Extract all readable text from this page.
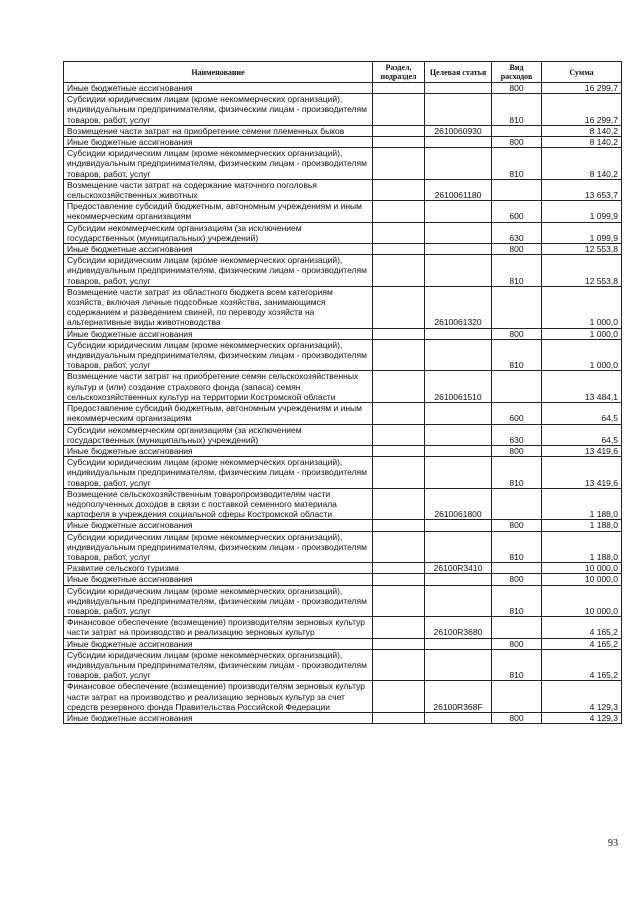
Наименование	Раздел, подраздел	Целевая статья	Вид расходов	Сумма
Иные бюджетные ассигнования			800	16 299,7
Субсидии юридическим лицам (кроме некоммерческих организаций), индивидуальным предпринимателям, физическим лицам - производителям товаров, работ, услуг			810	16 299,7
Возмещение части затрат на приобретение семени племенных быков		2610060930		8 140,2
Иные бюджетные ассигнования			800	8 140,2
Субсидии юридическим лицам (кроме некоммерческих организаций), индивидуальным предпринимателям, физическим лицам - производителям товаров, работ, услуг			810	8 140,2
Возмещение части затрат на содержание маточного поголовья сельскохозяйственных животных		2610061180		13 653,7
Предоставление субсидий бюджетным, автономным учреждениям и иным некоммерческим организациям			600	1 099,9
Субсидии некоммерческим организациям (за исключением государственных (муниципальных) учреждений)			630	1 099,9
Иные бюджетные ассигнования			800	12 553,8
Субсидии юридическим лицам (кроме некоммерческих организаций), индивидуальным предпринимателям, физическим лицам - производителям товаров, работ, услуг			810	12 553,8
Возмещение части затрат из областного бюджета всем категориям хозяйств, включая личные подсобные хозяйства, занимающимся содержанием и разведением свиней, по переводу хозяйств на альтернативные виды животноводства		2610061320		1 000,0
Иные бюджетные ассигнования			800	1 000,0
Субсидии юридическим лицам (кроме некоммерческих организаций), индивидуальным предпринимателям, физическим лицам - производителям товаров, работ, услуг			810	1 000,0
Возмещение части затрат на приобретение семян сельскохозяйственных культур и (или) создание страхового фонда (запаса) семян сельскохозяйственных культур на территории Костромской области		2610061510		13 484,1
Предоставление субсидий бюджетным, автономным учреждениям и иным некоммерческим организациям			600	64,5
Субсидии некоммерческим организациям (за исключением государственных (муниципальных) учреждений)			630	64,5
Иные бюджетные ассигнования			800	13 419,6
Субсидии юридическим лицам (кроме некоммерческих организаций), индивидуальным предпринимателям, физическим лицам - производителям товаров, работ, услуг			810	13 419,6
Возмещение сельскохозяйственным товаропроизводителям части недополученных доходов в связи с поставкой семенного материала картофеля в учреждения социальной сферы Костромской области		2610061800		1 188,0
Иные бюджетные ассигнования			800	1 188,0
Субсидии юридическим лицам (кроме некоммерческих организаций), индивидуальным предпринимателям, физическим лицам - производителям товаров, работ, услуг			810	1 188,0
Развитие сельского туризма		26100R3410		10 000,0
Иные бюджетные ассигнования			800	10 000,0
Субсидии юридическим лицам (кроме некоммерческих организаций), индивидуальным предпринимателям, физическим лицам - производителям товаров, работ, услуг			810	10 000,0
Финансовое обеспечение (возмещение) производителям зерновых культур части затрат на производство и реализацию зерновых культур		26100R3680		4 165,2
Иные бюджетные ассигнования			800	4 165,2
Субсидии юридическим лицам (кроме некоммерческих организаций), индивидуальным предпринимателям, физическим лицам - производителям товаров, работ, услуг			810	4 165,2
Финансовое обеспечение (возмещение) производителям зерновых культур части затрат на производство и реализацию зерновых культур за счет средств резервного фонда Правительства Российской Федерации		26100R368F		4 129,3
Иные бюджетные ассигнования			800	4 129,3
93
